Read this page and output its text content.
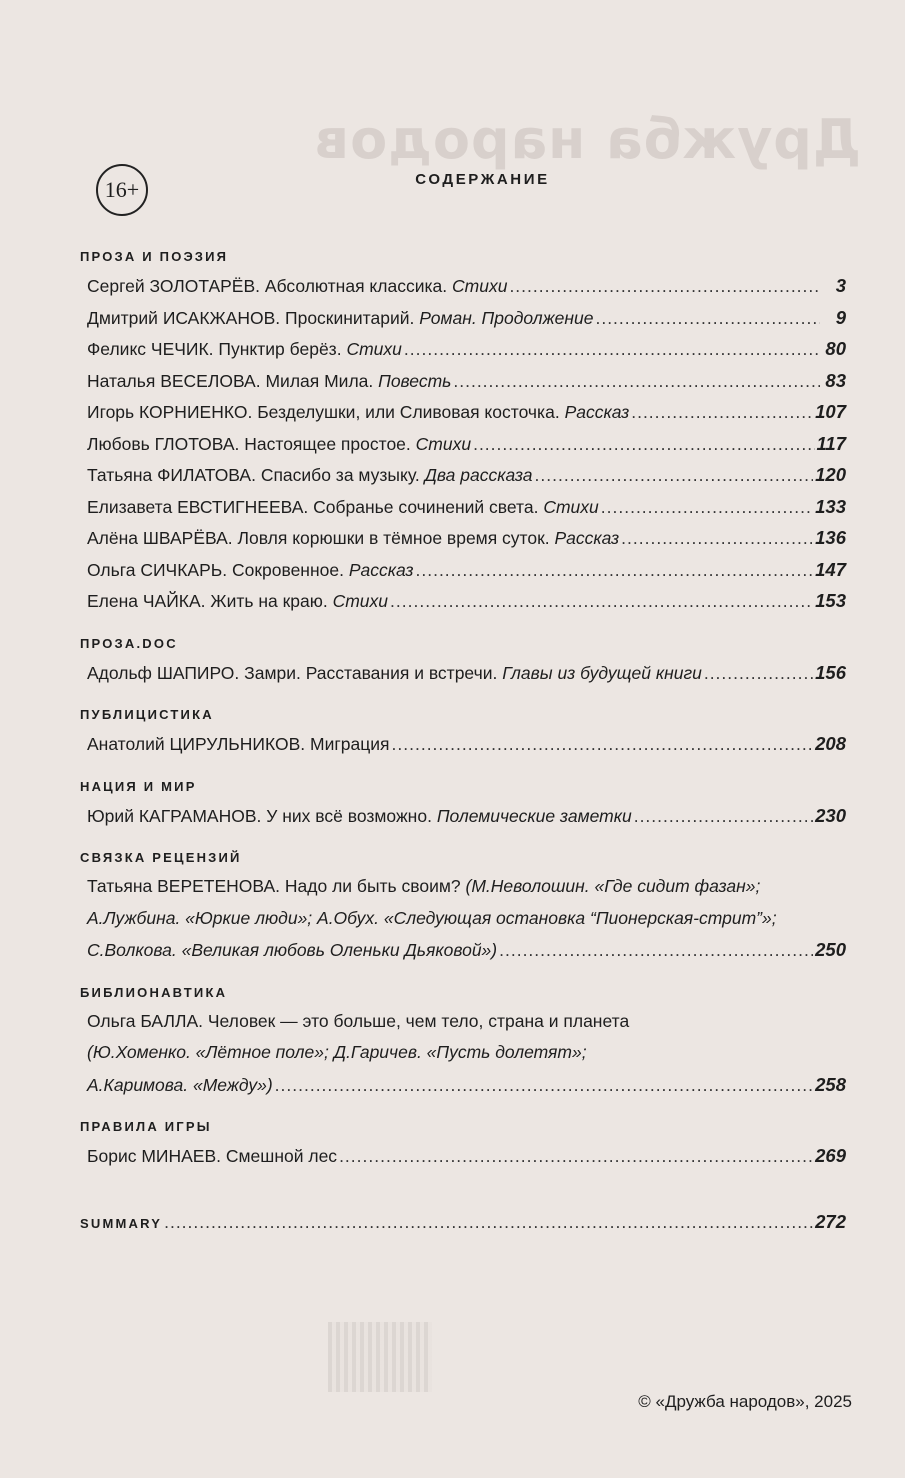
Дружба народов
16+	СОДЕРЖАНИЕ
ПРОЗА И ПОЭЗИЯ
Сергей ЗОЛОТАРЁВ. Абсолютная классика. Стихи .....	3
Дмитрий ИСАКЖАНОВ. Проскинитарий. Роман. Продолжение .....	9
Феликс ЧЕЧИК. Пунктир берёз. Стихи .....	80
Наталья ВЕСЕЛОВА. Милая Мила. Повесть .....	83
Игорь КОРНИЕНКО. Безделушки, или Сливовая косточка. Рассказ .....	107
Любовь ГЛОТОВА. Настоящее простое. Стихи .....	117
Татьяна ФИЛАТОВА. Спасибо за музыку. Два рассказа .....	120
Елизавета ЕВСТИГНЕЕВА. Собранье сочинений света. Стихи .....	133
Алёна ШВАРЁВА. Ловля корюшки в тёмное время суток. Рассказ .....	136
Ольга СИЧКАРЬ. Сокровенное. Рассказ .....	147
Елена ЧАЙКА. Жить на краю. Стихи .....	153
ПРОЗА.DOC
Адольф ШАПИРО. Замри. Расставания и встречи. Главы из будущей книги .....	156
ПУБЛИЦИСТИКА
Анатолий ЦИРУЛЬНИКОВ. Миграция .....	208
НАЦИЯ И МИР
Юрий КАГРАМАНОВ. У них всё возможно. Полемические заметки .....	230
СВЯЗКА РЕЦЕНЗИЙ
Татьяна ВЕРЕТЕНОВА. Надо ли быть своим? (М.Неволошин. «Где сидит фазан»;
А.Лужбина. «Юркие люди»; А.Обух. «Следующая остановка “Пионерская-стрит”»;
С.Волкова. «Великая любовь Оленьки Дьяковой») .....	250
БИБЛИОНАВТИКА
Ольга БАЛЛА. Человек — это больше, чем тело, страна и планета
(Ю.Хоменко. «Лётное поле»; Д.Гаричев. «Пусть долетят»;
А.Каримова. «Между») .....	258
ПРАВИЛА ИГРЫ
Борис МИНАЕВ. Смешной лес .....	269
SUMMARY .....	272
© «Дружба народов», 2025
